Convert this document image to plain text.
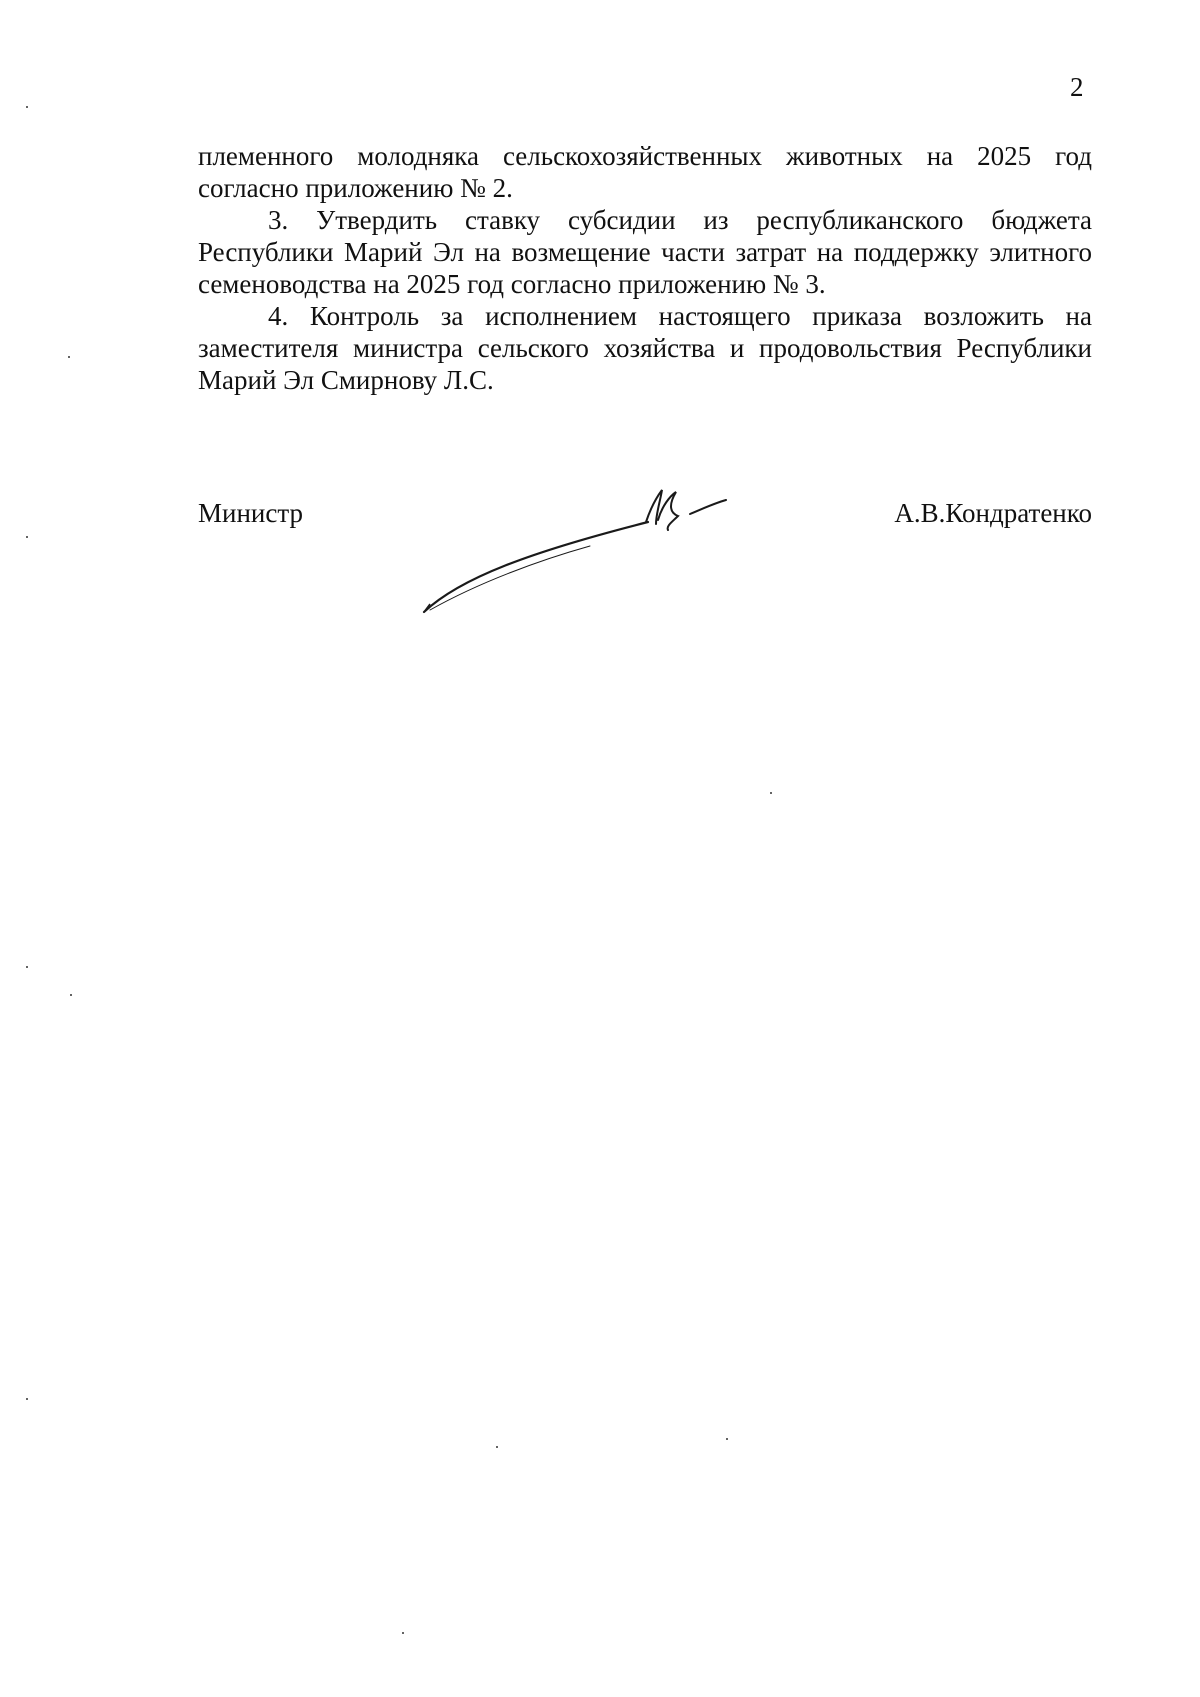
2

племенного молодняка сельскохозяйственных животных на 2025 год согласно приложению № 2.

3. Утвердить ставку субсидии из республиканского бюджета Республики Марий Эл на возмещение части затрат на поддержку элитного семеноводства на 2025 год согласно приложению № 3.

4. Контроль за исполнением настоящего приказа возложить на заместителя министра сельского хозяйства и продовольствия Республики Марий Эл Смирнову Л.С.

Министр	А.В.Кондратенко
